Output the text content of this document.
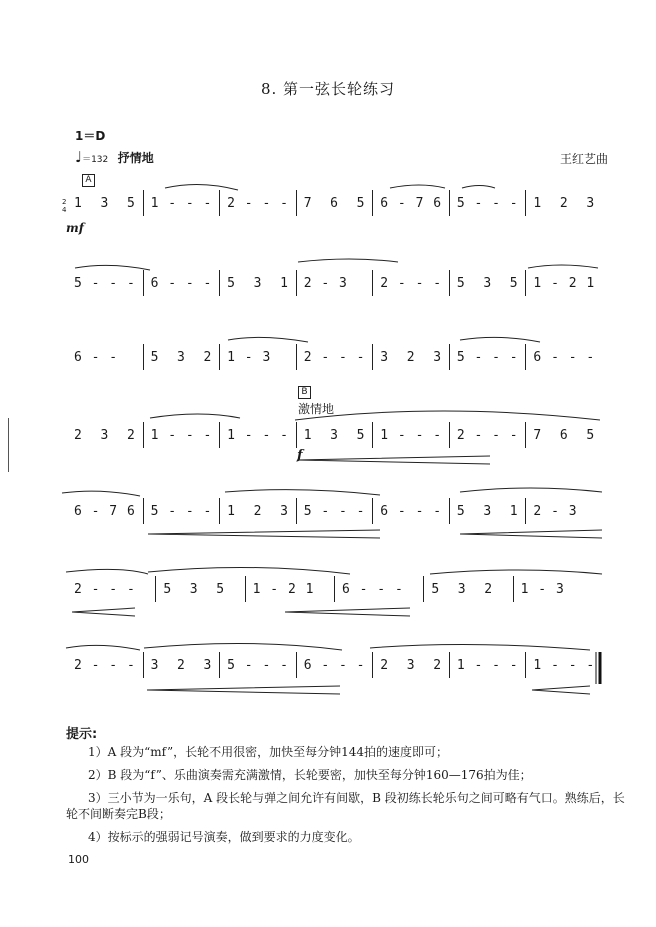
8. 第一弦长轮练习
1＝D
♩＝132 抒情地	王红艺曲
A
B
激情地
mf
f
2
4 1  3  5 1 - - - 2 - - - 7  6  5 6 - 7 6 5 - - - 1  2  3
5 - - - 6 - - - 5  3  1 2 - 3 2 - - - 5  3  5 1 - 2 1
6 - - 5  3  2 1 - 3 2 - - - 3  2  3 5 - - - 6 - - -
2  3  2 1 - - - 1 - - - 1  3  5 1 - - - 2 - - - 7  6  5
6 - 7 6 5 - - - 1  2  3 5 - - - 6 - - - 5  3  1 2 - 3
2 - - - 5  3  5 1 - 2 1 6 - - - 5  3  2 1 - 3
2 - - - 3  2  3 5 - - - 6 - - - 2  3  2 1 - - - 1 - - -
提示:
1）A 段为“mf”，长轮不用很密，加快至每分钟144拍的速度即可；
2）B 段为“f”、乐曲演奏需充满激情，长轮要密，加快至每分钟160—176拍为佳；
3）三小节为一乐句，A 段长轮与弹之间允许有间歇，B 段初练长轮乐句之间可略有气口。熟练后，长轮不间断奏完B段；
4）按标示的强弱记号演奏，做到要求的力度变化。
100
